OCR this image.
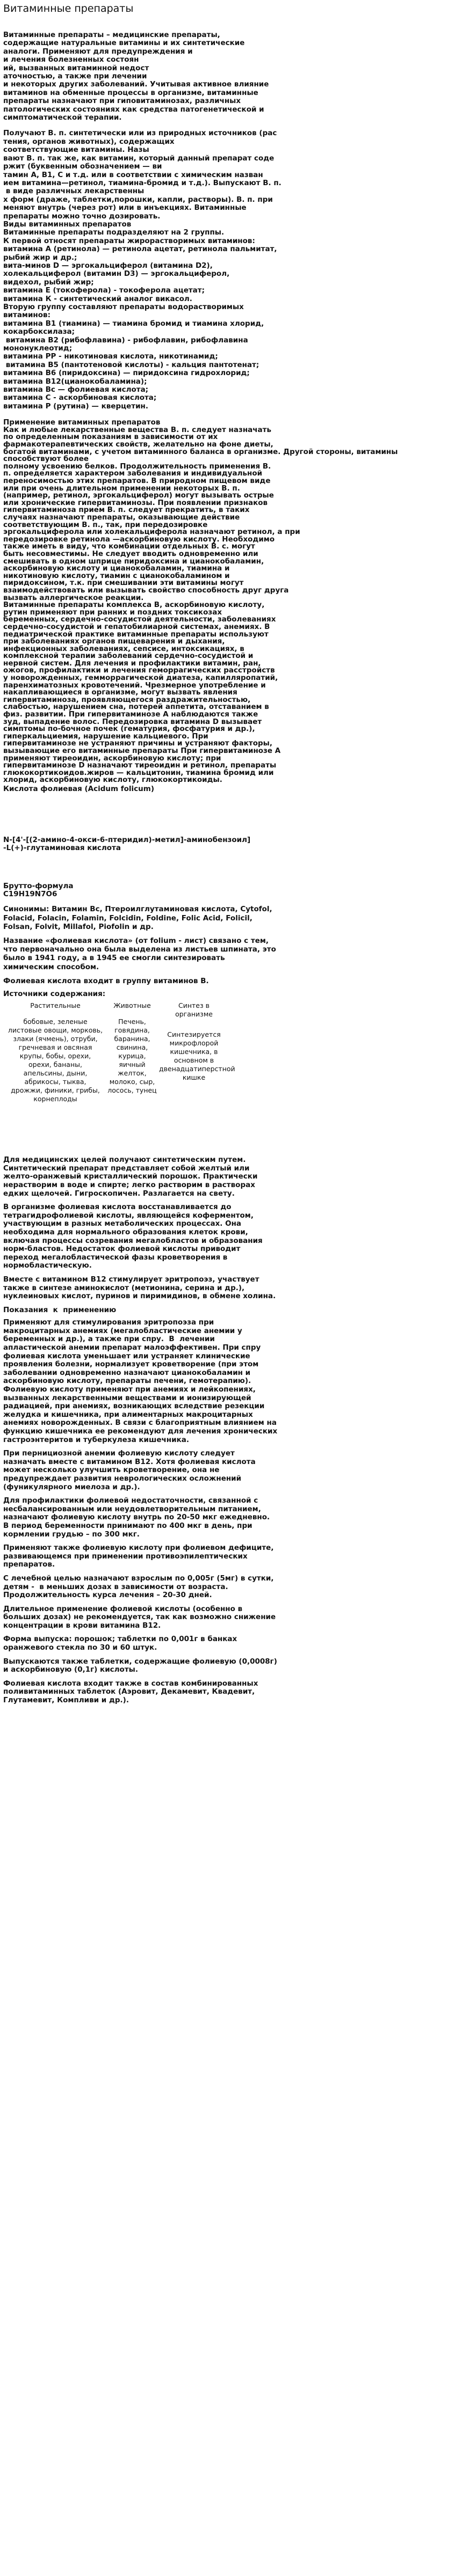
Витаминные препараты

Витаминные препараты – медицинские препараты,
содержащие натуральные витамины и их синтетические
аналоги. Применяют для предупреждения и
и лечения болезненных состоян
ий, вызванных витаминной недост
аточностью, а также при лечении
и некоторых других заболеваний. Учитывая активное влияние
витаминов на обменные процессы в организме, витаминные
препараты назначают при гиповитаминозах, различных
патологических состояниях как средства патогенетической и
симптоматической терапии.

Получают В. п. синтетически или из природных источников (рас
тения, органов животных), содержащих
соответствующие витамины. Назы
вают В. п. так же, как витамин, который данный препарат соде
ржит (буквенным обозначением — ви
тамин А, В1, С и т.д. или в соответствии с химическим назван
ием витамина—ретинол, тиамина-бромид и т.д.). Выпускают В. п.
в виде различных лекарственны
х форм (драже, таблетки,порошки, капли, растворы). В. п. при
меняют внутрь (через рот) или в инъекциях. Витаминные
препараты можно точно дозировать.

Виды витаминных препаратов
Витаминные препараты подразделяют на 2 группы.
К первой относят препараты жирорастворимых витаминов:
витамина А (ретинола) — ретинола ацетат, ретинола пальмитат,
рыбий жир и др.;
вита-минов D — эргокальциферол (витамина D2),
холекальциферол (витамин D3) — эргокальциферол,
видехол, рыбий жир;
витамина Е (токоферола) - токоферола ацетат;
витамина К - синтетический аналог викасол.
Вторую группу составляют препараты водорастворимых
витаминов:
витамина В1 (тиамина) — тиамина бромид и тиамина хлорид,
кокарбоксилаза;
витамина В2 (рибофлавина) - рибофлавин, рибофлавина
мононуклеотид;
витамина РР - никотиновая кислота, никотинамид;
витамина В5 (пантотеновой кислоты) - кальция пантотенат;
витамина В6 (пиридоксина) — пиридоксина гидрохлорид;
витамина В12(цианокобаламина);
витамина Вс — фолиевая кислота;
витамина С - аскорбиновая кислота;
витамина Р (рутина) — кверцетин.

Применение витаминных препаратов
Как и любые лекарственные вещества В. п. следует назначать
по определенным показаниям в зависимости от их
фармакотерапевтических свойств, желательно на фоне диеты,
богатой витаминами, с учетом витаминного баланса в организме. Другой стороны, витамины способствуют более
полному усвоению белков. Продолжительность применения В.
п. определяется характером заболевания и индивидуальной
переносимостью этих препаратов. В природном пищевом виде
или при очень длительном применении некоторых В. п.
(например, ретинол, эргокальциферол) могут вызывать острые
или хронические гипервитаминозы. При появлении признаков
гипервитаминоза прием В. п. следует прекратить, в таких
случаях назначают препараты, оказывающие действие
соответствующим В. п., так, при передозировке
эргокальциферола или холекальциферола назначают ретинол, а при
передозировке ретинола —аскорбиновую кислоту. Необходимо
также иметь в виду, что комбинации отдельных В. с. могут
быть несовместимы. Не следует вводить одновременно или
смешивать в одном шприце пиридоксина и цианокобаламин,
аскорбиновую кислоту и цианокобаламин, тиамина и
никотиновую кислоту, тиамин с цианокобаламином и
пиридоксином, т.к. при смешивании эти витамины могут
взаимодействовать или вызывать свойство способность друг друга
вызвать аллергическое реакции.

Витаминные препараты комплекса В, аскорбиновую кислоту,
рутин применяют при ранних и поздних токсикозах
беременных, сердечно-сосудистой деятельности, заболеваниях
сердечно-сосудистой и гепатобилиарной системах, анемиях. В
педиатрической практике витаминные препараты используют
при заболеваниях органов пищеварения и дыхания,
инфекционных заболеваниях, сепсисе, интоксикациях, в
комплексной терапии заболеваний сердечно-сосудистой и
нервной систем. Для лечения и профилактики витамин, ран,
ожогов, профилактики и лечения геморрагических расстройств
у новорожденных, гемморрагической диатеза, капилляропатий,
паренхиматозных кровотечений. Чрезмерное употребление и
накапливающиеся в организме, могут вызвать явления
гипервитаминоза, проявляющегося раздражительностью,
слабостью, нарушением сна, потерей аппетита, отставанием в
физ. развитии. При гипервитаминозе А наблюдаются также
зуд, выпадение волос. Передозировка витамина D вызывает
симптомы по-бочное почек (гематурия, фосфатурия и др.),
гиперкальциемия, нарушение кальциевого. При
гипервитаминозе не устраняют причины и устраняют факторы,
вызывающие его витаминные препараты При гипервитаминозе А
применяют тиреоидин, аскорбиновую кислоту; при
гипервитаминозе D назначают тиреоидин и ретинол, препараты
глюкокортикоидов.жиров — кальцитонин, тиамина бромид или
хлорид, аскорбиновую кислоту, глюкокортикоиды.

Кислота фолиевая (Acidum folicum)

N-[4'-[(2-амино-4-окси-6-птеридил)-метил]-аминобензоил]
-L(+)-глутаминовая кислота

Брутто-формула
C19H19N7O6

Синонимы: Витамин Bc, Птероилглутаминовая кислота, Cytofol,
Folacid, Folacin, Folamin, Folcidin, Foldine, Folic Acid, Folicil,
Folsan, Folvit, Millafol, Piofolin и др.

Название «фолиевая кислота» (от folium - лист) связано с тем,
что первоначально она была выделена из листьев шпината, это
было в 1941 году, а в 1945 ее смогли синтезировать
химическим способом.

Фолиевая кислота входит в группу витаминов В.

Источники содержания:

Растительные
бобовые, зеленые
листовые овощи, морковь,
злаки (ячмень), отруби,
гречневая и овсяная
крупы, бобы, орехи,
орехи, бананы,
апельсины, дыни,
абрикосы, тыква,
дрожжи, финики, грибы,
корнеплоды
Животные
Печень,
говядина,
баранина,
свинина,
курица,
яичный
желток,
молоко, сыр,
лосось, тунец
Синтез в организме
Синтезируется
микрофлорой
кишечника, в
основном в
двенадцатиперстной
кишке

Для медицинских целей получают синтетическим путем.
Синтетический препарат представляет собой желтый или
желто-оранжевый кристаллический порошок. Практически
нерастворим в воде и спирте; легко растворим в растворах
едких щелочей. Гигроскопичен. Разлагается на свету.

В организме фолиевая кислота восстанавливается до
тетрагидрофолиевой кислоты, являющейся коферментом,
участвующим в разных метаболических процессах. Она
необходима для нормального образования клеток крови,
включая процессы созревания мегалобластов и образования
норм-бластов. Недостаток фолиевой кислоты приводит
переход мегалобластической фазы кроветворения в
нормобластическую.

Вместе с витамином B12 стимулирует эритропоэз, участвует
также в синтезе аминокислот (метионина, серина и др.),
нуклеиновых кислот, пуринов и пиримидинов, в обмене холина.

Показания  к  применению

Применяют для стимулирования эритропоэза при
макроцитарных анемиях (мегалобластические анемии у
беременных и др.), а также при спру.  В  лечении
апластической анемии препарат малоэффективен. При спру
фолиевая кислота уменьшает или устраняет клинические
проявления болезни, нормализует кроветворение (при этом
заболевании одновременно назначают цианокобаламин и
аскорбиновую кислоту, препараты печени, гемотерапию).
Фолиевую кислоту применяют при анемиях и лейкопениях,
вызванных лекарственными веществами и ионизирующей
радиацией, при анемиях, возникающих вследствие резекции
желудка и кишечника, при алиментарных макроцитарных
анемиях новорожденных. В связи с благоприятным влиянием на
функцию кишечника ее рекомендуют для лечения хронических
гастроэнтеритов и туберкулеза кишечника.

При пернициозной анемии фолиевую кислоту следует
назначать вместе с витамином B12. Хотя фолиевая кислота
может несколько улучшить кроветворение, она не
предупреждает развития неврологических осложнений
(фуникулярного миелоза и др.).

Для профилактики фолиевой недостаточности, связанной с
несбалансированным или неудовлетворительным питанием,
назначают фолиевую кислоту внутрь по 20-50 мкг ежедневно.
В период беременности принимают по 400 мкг в день, при
кормлении грудью – по 300 мкг.

Применяют также фолиевую кислоту при фолиевом дефиците,
развивающемся при применении противоэпилептических
препаратов.

С лечебной целью назначают взрослым по 0,005г (5мг) в сутки,
детям -  в меньших дозах в зависимости от возраста.
Продолжительность курса лечения – 20-30 дней.

Длительное применение фолиевой кислоты (особенно в
больших дозах) не рекомендуется, так как возможно снижение
концентрации в крови витамина B12.

Форма выпуска: порошок; таблетки по 0,001г в банках
оранжевого стекла по 30 и 60 штук.

Выпускаются также таблетки, содержащие фолиевую (0,0008г)
и аскорбиновую (0,1г) кислоты.

Фолиевая кислота входит также в состав комбинированных
поливитаминных таблеток (Аэровит, Декамевит, Квадевит,
Глутамевит, Компливи и др.).
